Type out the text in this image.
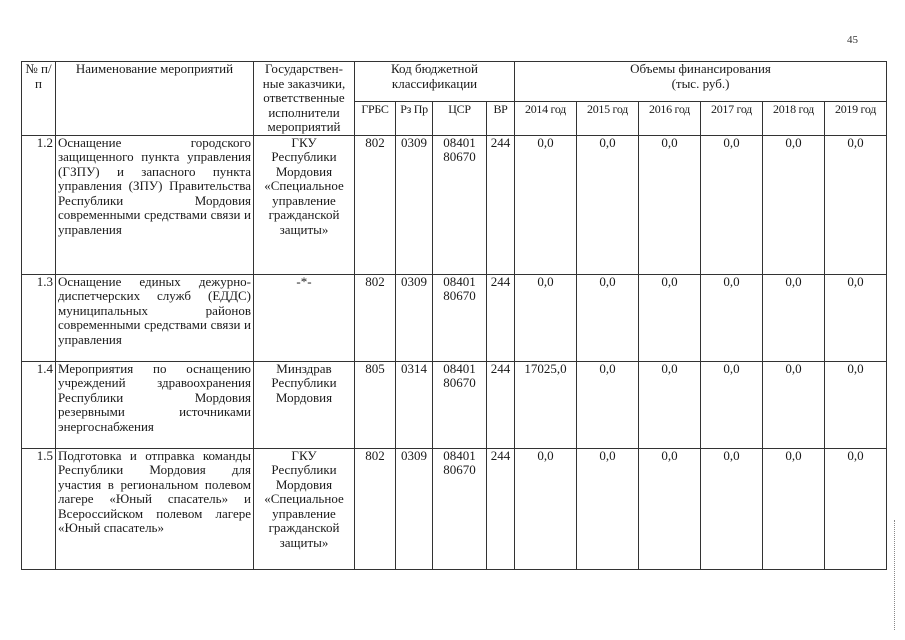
45
№ п/п	Наименование мероприятий	Государствен-ные заказчики, ответственные исполнители мероприятий	Код бюджетной классификации				Объемы финансирования (тыс. руб.)					
			ГРБС	Рз Пр	ЦСР	ВР	2014 год	2015 год	2016 год	2017 год	2018 год	2019 год
1.2	Оснащение городского защищенного пункта управления (ГЗПУ) и запасного пункта управления (ЗПУ) Правительства Республики Мордовия современными средствами связи и управления	ГКУ Республики Мордовия «Специальное управление гражданской защиты»	802	0309	08401 80670	244	0,0	0,0	0,0	0,0	0,0	0,0
1.3	Оснащение единых дежурно-диспетчерских служб (ЕДДС) муниципальных районов современными средствами связи и управления	-*-	802	0309	08401 80670	244	0,0	0,0	0,0	0,0	0,0	0,0
1.4	Мероприятия по оснащению учреждений здравоохранения Республики Мордовия резервными источниками энергоснабжения	Минздрав Республики Мордовия	805	0314	08401 80670	244	17025,0	0,0	0,0	0,0	0,0	0,0
1.5	Подготовка и отправка команды Республики Мордовия для участия в региональном полевом лагере «Юный спасатель» и Всероссийском полевом лагере «Юный спасатель»	ГКУ Республики Мордовия «Специальное управление гражданской защиты»	802	0309	08401 80670	244	0,0	0,0	0,0	0,0	0,0	0,0
